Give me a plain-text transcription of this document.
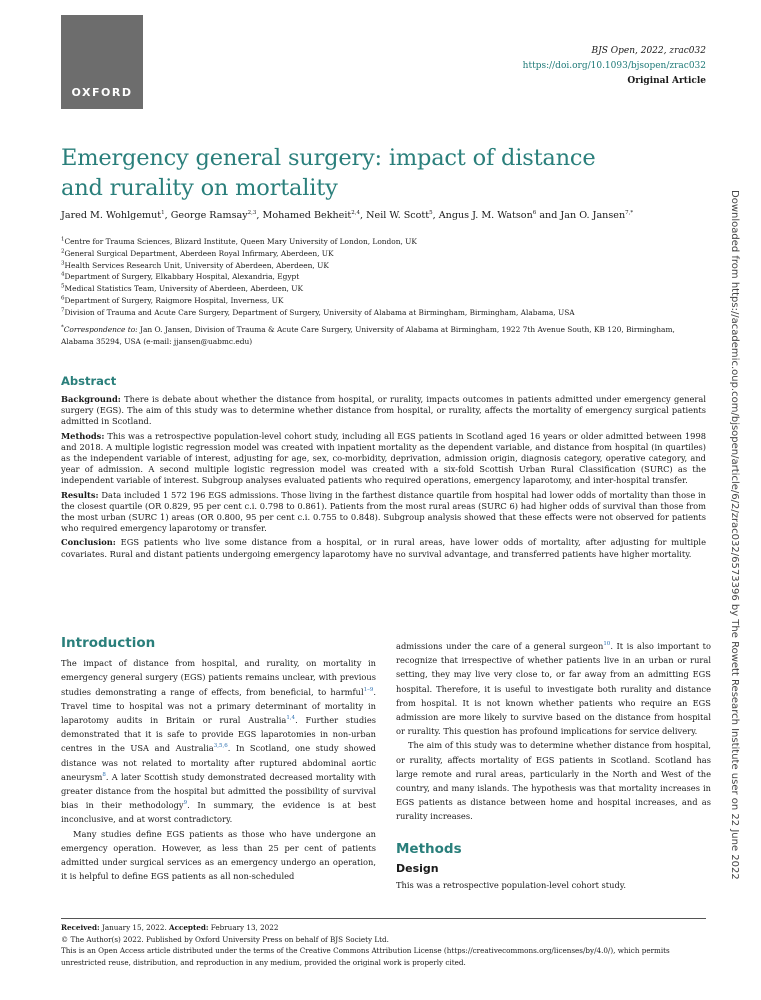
OXFORD
BJS Open, 2022, zrac032
https://doi.org/10.1093/bjsopen/zrac032
Original Article
Emergency general surgery: impact of distance
and rurality on mortality
Jared M. Wohlgemut$^1$, George Ramsay$^{2,3}$, Mohamed Bekheit$^{2,4}$, Neil W. Scott$^5$, Angus J. M. Watson$^6$ and Jan O. Jansen$^{7,*}$
$^1$Centre for Trauma Sciences, Blizard Institute, Queen Mary University of London, London, UK
$^2$General Surgical Department, Aberdeen Royal Infirmary, Aberdeen, UK
$^3$Health Services Research Unit, University of Aberdeen, Aberdeen, UK
$^4$Department of Surgery, Elkabbary Hospital, Alexandria, Egypt
$^5$Medical Statistics Team, University of Aberdeen, Aberdeen, UK
$^6$Department of Surgery, Raigmore Hospital, Inverness, UK
$^7$Division of Trauma and Acute Care Surgery, Department of Surgery, University of Alabama at Birmingham, Birmingham, Alabama, USA
*Correspondence to: Jan O. Jansen, Division of Trauma & Acute Care Surgery, University of Alabama at Birmingham, 1922 7th Avenue South, KB 120, Birmingham, Alabama 35294, USA (e-mail: jjansen@uabmc.edu)
Abstract

Background: There is debate about whether the distance from hospital, or rurality, impacts outcomes in patients admitted under emergency general surgery (EGS). The aim of this study was to determine whether distance from hospital, or rurality, affects the mortality of emergency surgical patients admitted in Scotland.

Methods: This was a retrospective population-level cohort study, including all EGS patients in Scotland aged 16 years or older admitted between 1998 and 2018. A multiple logistic regression model was created with inpatient mortality as the dependent variable, and distance from hospital (in quartiles) as the independent variable of interest, adjusting for age, sex, co-morbidity, deprivation, admission origin, diagnosis category, operative category, and year of admission. A second multiple logistic regression model was created with a six-fold Scottish Urban Rural Classification (SURC) as the independent variable of interest. Subgroup analyses evaluated patients who required operations, emergency laparotomy, and inter-hospital transfer.

Results: Data included 1 572 196 EGS admissions. Those living in the farthest distance quartile from hospital had lower odds of mortality than those in the closest quartile (OR 0.829, 95 per cent c.i. 0.798 to 0.861). Patients from the most rural areas (SURC 6) had higher odds of survival than those from the most urban (SURC 1) areas (OR 0.800, 95 per cent c.i. 0.755 to 0.848). Subgroup analysis showed that these effects were not observed for patients who required emergency laparotomy or transfer.

Conclusion: EGS patients who live some distance from a hospital, or in rural areas, have lower odds of mortality, after adjusting for multiple covariates. Rural and distant patients undergoing emergency laparotomy have no survival advantage, and transferred patients have higher mortality.

Introduction

The impact of distance from hospital, and rurality, on mortality in emergency general surgery (EGS) patients remains unclear, with previous studies demonstrating a range of effects, from beneficial, to harmful$^{1-9}$. Travel time to hospital was not a primary determinant of mortality in laparotomy audits in Britain or rural Australia$^{1,4}$. Further studies demonstrated that it is safe to provide EGS laparotomies in non-urban centres in the USA and Australia$^{3,5,6}$. In Scotland, one study showed distance was not related to mortality after ruptured abdominal aortic aneurysm$^8$. A later Scottish study demonstrated decreased mortality with greater distance from the hospital but admitted the possibility of survival bias in their methodology$^9$. In summary, the evidence is at best inconclusive, and at worst contradictory.

Many studies define EGS patients as those who have undergone an emergency operation. However, as less than 25 per cent of patients admitted under surgical services as an emergency undergo an operation, it is helpful to define EGS patients as all non-scheduled

admissions under the care of a general surgeon$^{10}$. It is also important to recognize that irrespective of whether patients live in an urban or rural setting, they may live very close to, or far away from an admitting EGS hospital. Therefore, it is useful to investigate both rurality and distance from hospital. It is not known whether patients who require an EGS admission are more likely to survive based on the distance from hospital or rurality. This question has profound implications for service delivery.

The aim of this study was to determine whether distance from hospital, or rurality, affects mortality of EGS patients in Scotland. Scotland has large remote and rural areas, particularly in the North and West of the country, and many islands. The hypothesis was that mortality increases in EGS patients as distance between home and hospital increases, and as rurality increases.

Methods
Design

This was a retrospective population-level cohort study.

Received: January 15, 2022. Accepted: February 13, 2022
© The Author(s) 2022. Published by Oxford University Press on behalf of BJS Society Ltd.
This is an Open Access article distributed under the terms of the Creative Commons Attribution License (https://creativecommons.org/licenses/by/4.0/), which permits unrestricted reuse, distribution, and reproduction in any medium, provided the original work is properly cited.
Downloaded from https://academic.oup.com/bjsopen/article/6/2/zrac032/6573396 by The Rowett Research Institute user on 22 June 2022
